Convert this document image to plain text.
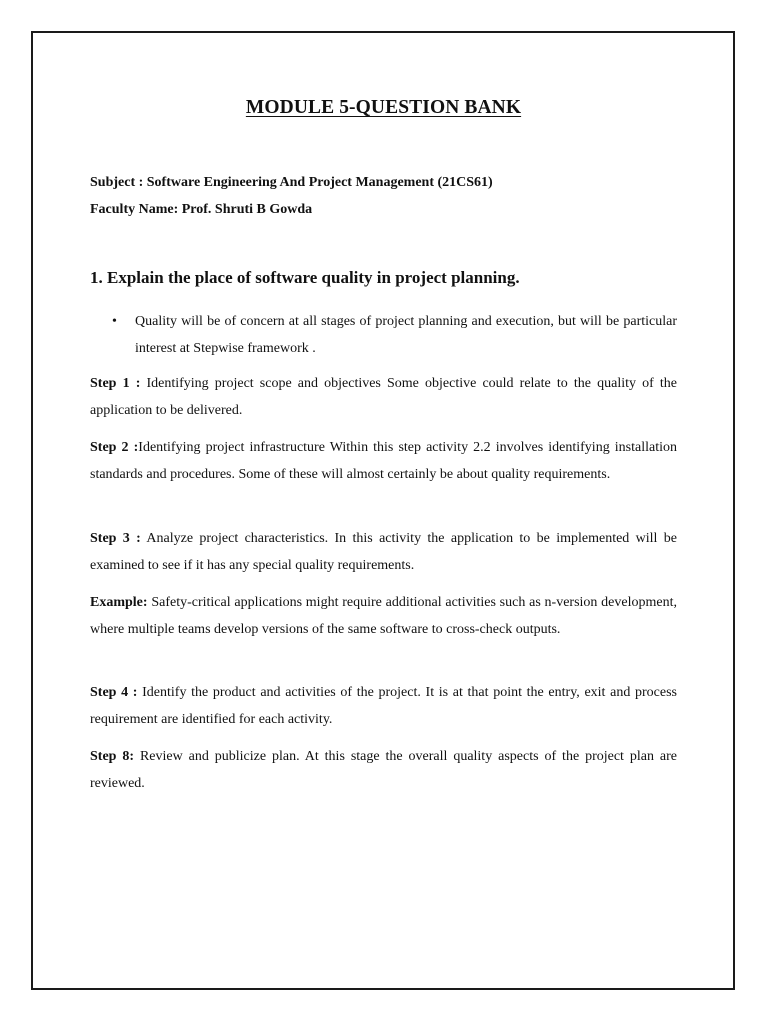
MODULE 5-QUESTION BANK
Subject : Software Engineering And Project Management (21CS61)
Faculty Name: Prof. Shruti B Gowda
1. Explain the place of software quality in project planning.
•	Quality will be of concern at all stages of project planning and execution, but will be particular interest at Stepwise framework .

Step 1 : Identifying project scope and objectives Some objective could relate to the quality of the application to be delivered.

Step 2 :Identifying project infrastructure Within this step activity 2.2 involves identifying installation standards and procedures. Some of these will almost certainly be about quality requirements.

Step 3 : Analyze project characteristics. In this activity the application to be implemented will be examined to see if it has any special quality requirements.

Example: Safety-critical applications might require additional activities such as n-version development, where multiple teams develop versions of the same software to cross-check outputs.

Step 4 : Identify the product and activities of the project. It is at that point the entry, exit and process requirement are identified for each activity.

Step 8: Review and publicize plan. At this stage the overall quality aspects of the project plan are reviewed.
